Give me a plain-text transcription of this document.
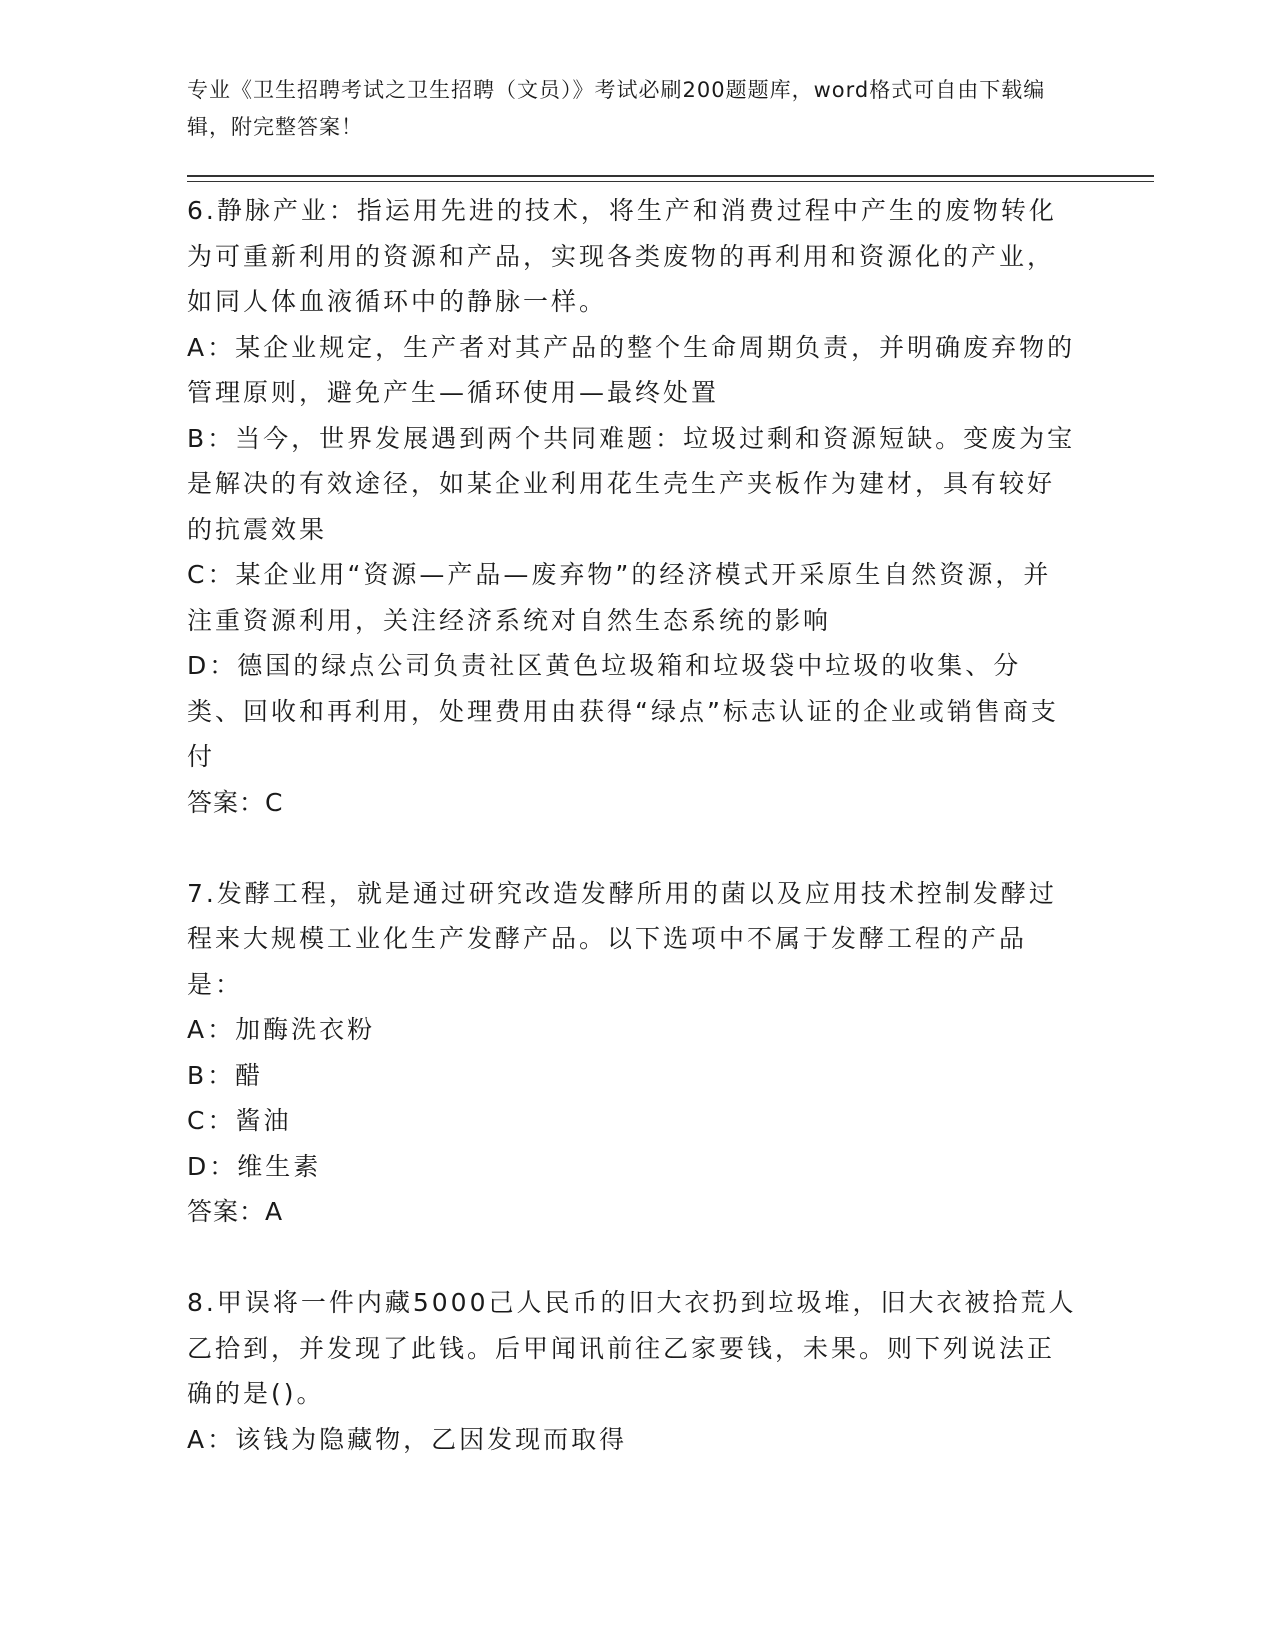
专业《卫生招聘考试之卫生招聘（文员）》考试必刷200题题库，word格式可自由下载编辑，附完整答案！

6.静脉产业：指运用先进的技术，将生产和消费过程中产生的废物转化为可重新利用的资源和产品，实现各类废物的再利用和资源化的产业，如同人体血液循环中的静脉一样。

A：某企业规定，生产者对其产品的整个生命周期负责，并明确废弃物的管理原则，避免产生—循环使用—最终处置

B：当今，世界发展遇到两个共同难题：垃圾过剩和资源短缺。变废为宝是解决的有效途径，如某企业利用花生壳生产夹板作为建材，具有较好的抗震效果

C：某企业用“资源—产品—废弃物”的经济模式开采原生自然资源，并注重资源利用，关注经济系统对自然生态系统的影响

D：德国的绿点公司负责社区黄色垃圾箱和垃圾袋中垃圾的收集、分类、回收和再利用，处理费用由获得“绿点”标志认证的企业或销售商支付

答案：C

7.发酵工程，就是通过研究改造发酵所用的菌以及应用技术控制发酵过程来大规模工业化生产发酵产品。以下选项中不属于发酵工程的产品是：

A：加酶洗衣粉

B：醋

C：酱油

D：维生素

答案：A

8.甲误将一件内藏5000己人民币的旧大衣扔到垃圾堆，旧大衣被拾荒人乙拾到，并发现了此钱。后甲闻讯前往乙家要钱，未果。则下列说法正确的是()。

A：该钱为隐藏物，乙因发现而取得
